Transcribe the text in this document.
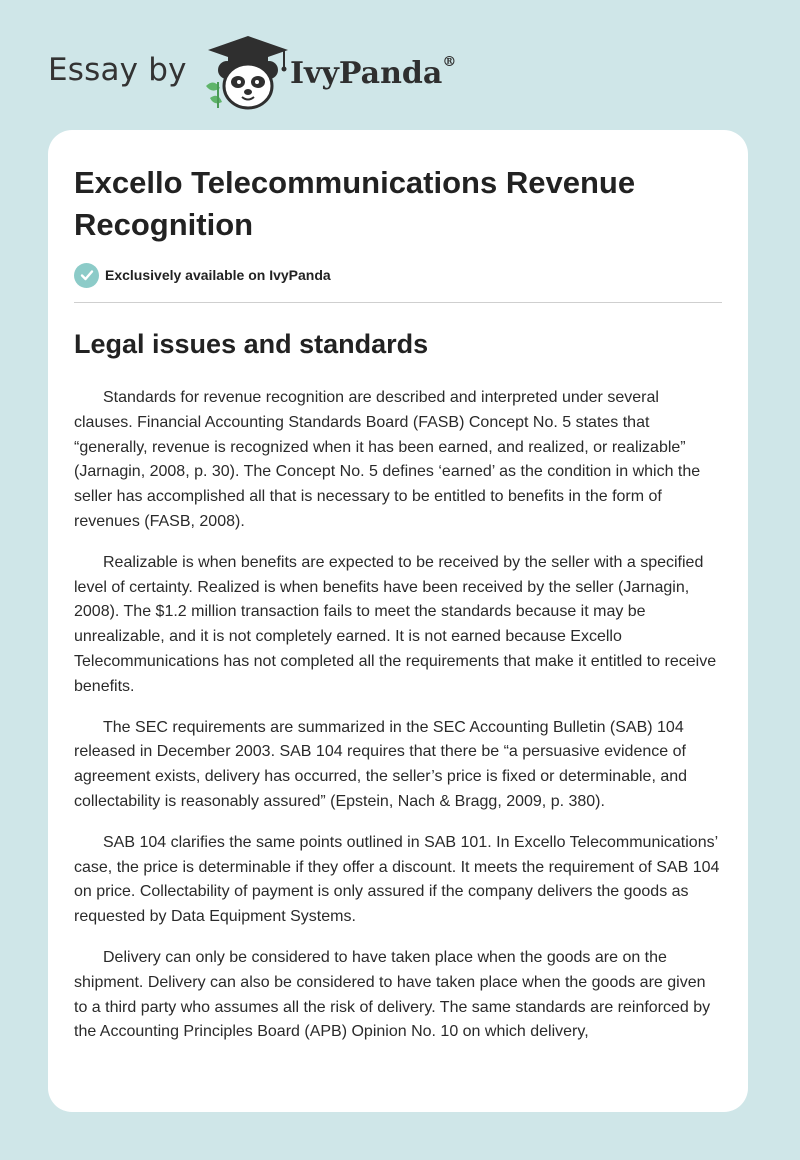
Essay by	IvyPanda®
Excello Telecommunications Revenue Recognition
Exclusively available on IvyPanda
Legal issues and standards

Standards for revenue recognition are described and interpreted under several clauses. Financial Accounting Standards Board (FASB) Concept No. 5 states that “generally, revenue is recognized when it has been earned, and realized, or realizable” (Jarnagin, 2008, p. 30). The Concept No. 5 defines ‘earned’ as the condition in which the seller has accomplished all that is necessary to be entitled to benefits in the form of revenues (FASB, 2008).

Realizable is when benefits are expected to be received by the seller with a specified level of certainty. Realized is when benefits have been received by the seller (Jarnagin, 2008). The $1.2 million transaction fails to meet the standards because it may be unrealizable, and it is not completely earned. It is not earned because Excello Telecommunications has not completed all the requirements that make it entitled to receive benefits.

The SEC requirements are summarized in the SEC Accounting Bulletin (SAB) 104 released in December 2003. SAB 104 requires that there be “a persuasive evidence of agreement exists, delivery has occurred, the seller’s price is fixed or determinable, and collectability is reasonably assured” (Epstein, Nach & Bragg, 2009, p. 380).

SAB 104 clarifies the same points outlined in SAB 101. In Excello Telecommunications’ case, the price is determinable if they offer a discount. It meets the requirement of SAB 104 on price. Collectability of payment is only assured if the company delivers the goods as requested by Data Equipment Systems.

Delivery can only be considered to have taken place when the goods are on the shipment. Delivery can also be considered to have taken place when the goods are given to a third party who assumes all the risk of delivery. The same standards are reinforced by the Accounting Principles Board (APB) Opinion No. 10 on which delivery,
